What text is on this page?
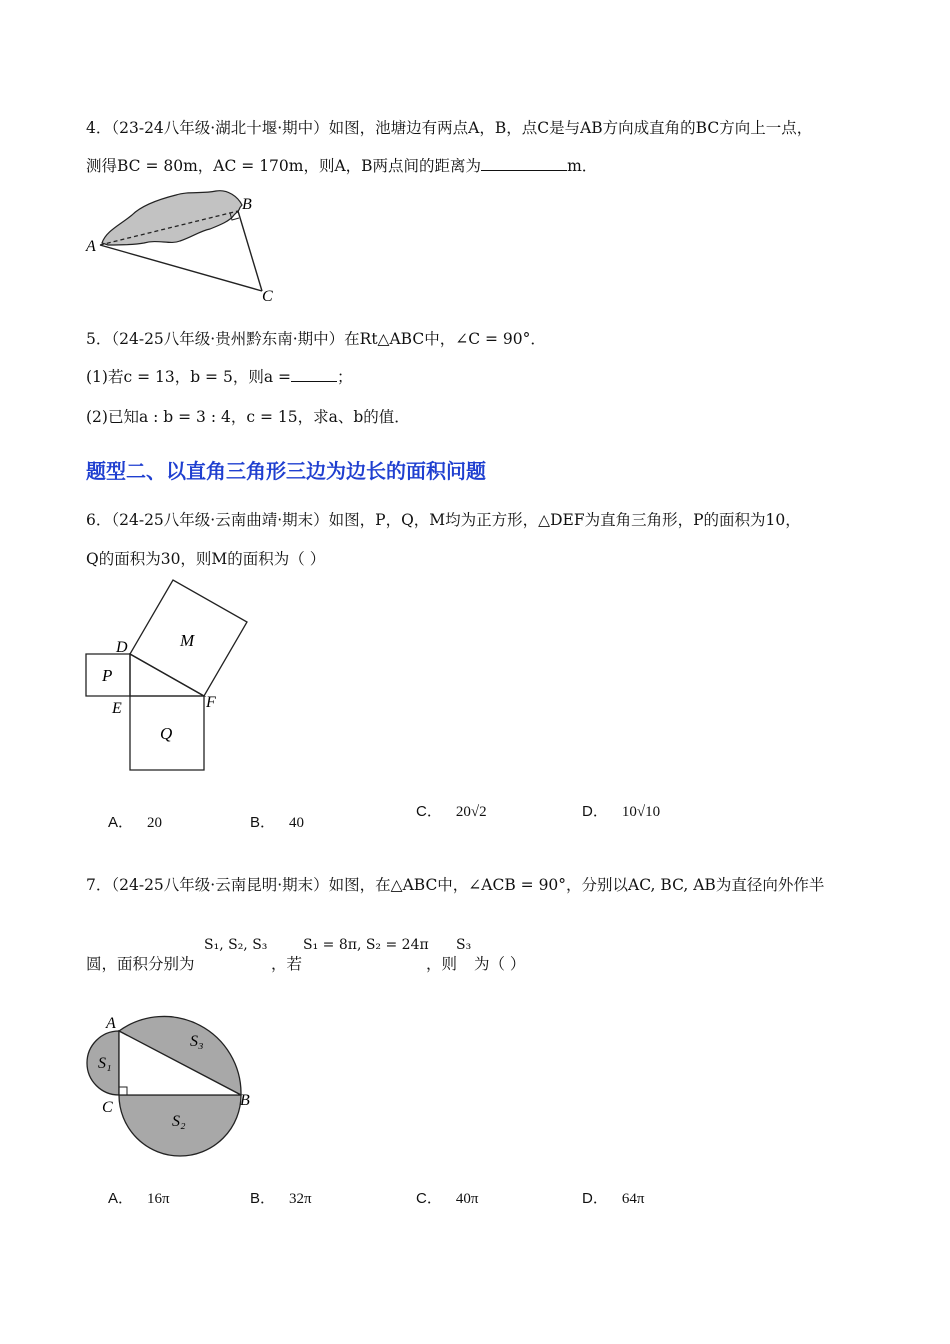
4．（23-24八年级·湖北十堰·期中）如图，池塘边有两点A，B，点C是与AB方向成直角的BC方向上一点，
测得BC = 80m，AC = 170m，则A，B两点间的距离为	m．
A
B
C
5．（24-25八年级·贵州黔东南·期中）在Rt△ABC中，∠C = 90°．
(1)若c = 13，b = 5，则a =	；
(2)已知a : b = 3 : 4，c = 15，求a、b的值．
题型二、以直角三角形三边为边长的面积问题
6．（24-25八年级·云南曲靖·期末）如图，P，Q，M均为正方形，△DEF为直角三角形，P的面积为10，
Q的面积为30，则M的面积为（ ）
D
E	F
P
Q
M
A． 20	B． 40
C． 20√2	D． 10√10
7．（24-25八年级·云南昆明·期末）如图，在△ABC中，∠ACB = 90°，分别以AC, BC, AB为直径向外作半
圆，面积分别为
S₁, S₂, S₃
，若
S₁ = 8π, S₂ = 24π
，则
S₃
为（ ）
A
B
C
S₁
S₂
S₃
A． 16π	B． 32π	C． 40π	D． 64π
